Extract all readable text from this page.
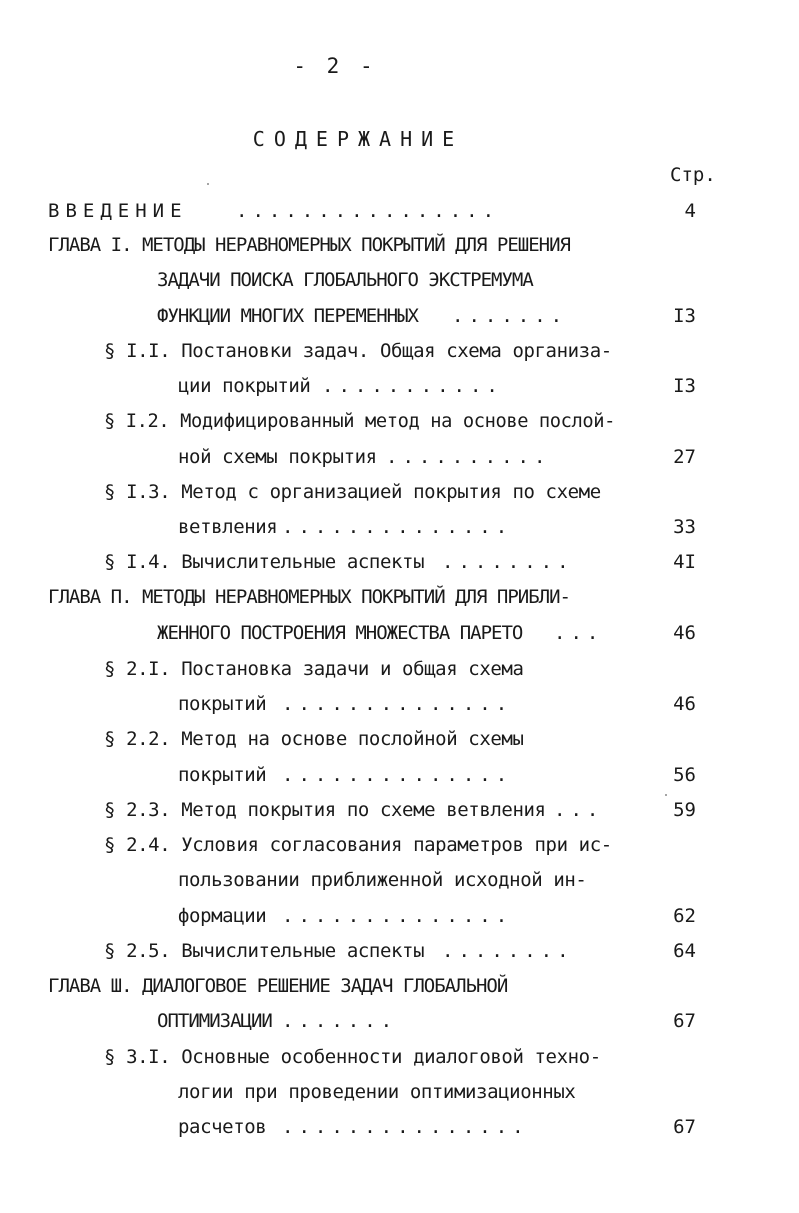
- 2 -
СОДЕРЖАНИЕ
Стр.
ВВЕДЕНИЕ	................	4
ГЛАВА I. МЕТОДЫ НЕРАВНОМЕРНЫХ ПОКРЫТИЙ ДЛЯ РЕШЕНИЯ
ЗАДАЧИ ПОИСКА ГЛОБАЛЬНОГО ЭКСТРЕМУМА
ФУНКЦИИ МНОГИХ ПЕРЕМЕННЫХ .......	I3
§ I.I. Постановки задач. Общая схема организа-
ции покрытий ...........	I3
§ I.2. Модифицированный метод на основе послой-
ной схемы покрытия ..........	27
§ I.3. Метод с организацией покрытия по схеме
ветвления ..............	33
§ I.4. Вычислительные аспекты ........	4I
ГЛАВА П. МЕТОДЫ НЕРАВНОМЕРНЫХ ПОКРЫТИЙ ДЛЯ ПРИБЛИ-
ЖЕННОГО ПОСТРОЕНИЯ МНОЖЕСТВА ПАРЕТО ...	46
§ 2.I. Постановка задачи и общая схема
покрытий ..............	46
§ 2.2. Метод на основе послойной схемы
покрытий ..............	56
§ 2.3. Метод покрытия по схеме ветвления ...	59
§ 2.4. Условия согласования параметров при ис-
пользовании приближенной исходной ин-
формации ..............	62
§ 2.5. Вычислительные аспекты ........	64
ГЛАВА Ш. ДИАЛОГОВОЕ РЕШЕНИЕ ЗАДАЧ ГЛОБАЛЬНОЙ
ОПТИМИЗАЦИИ .......	67
§ 3.I. Основные особенности диалоговой техно-
логии при проведении оптимизационных
расчетов ...............	67
